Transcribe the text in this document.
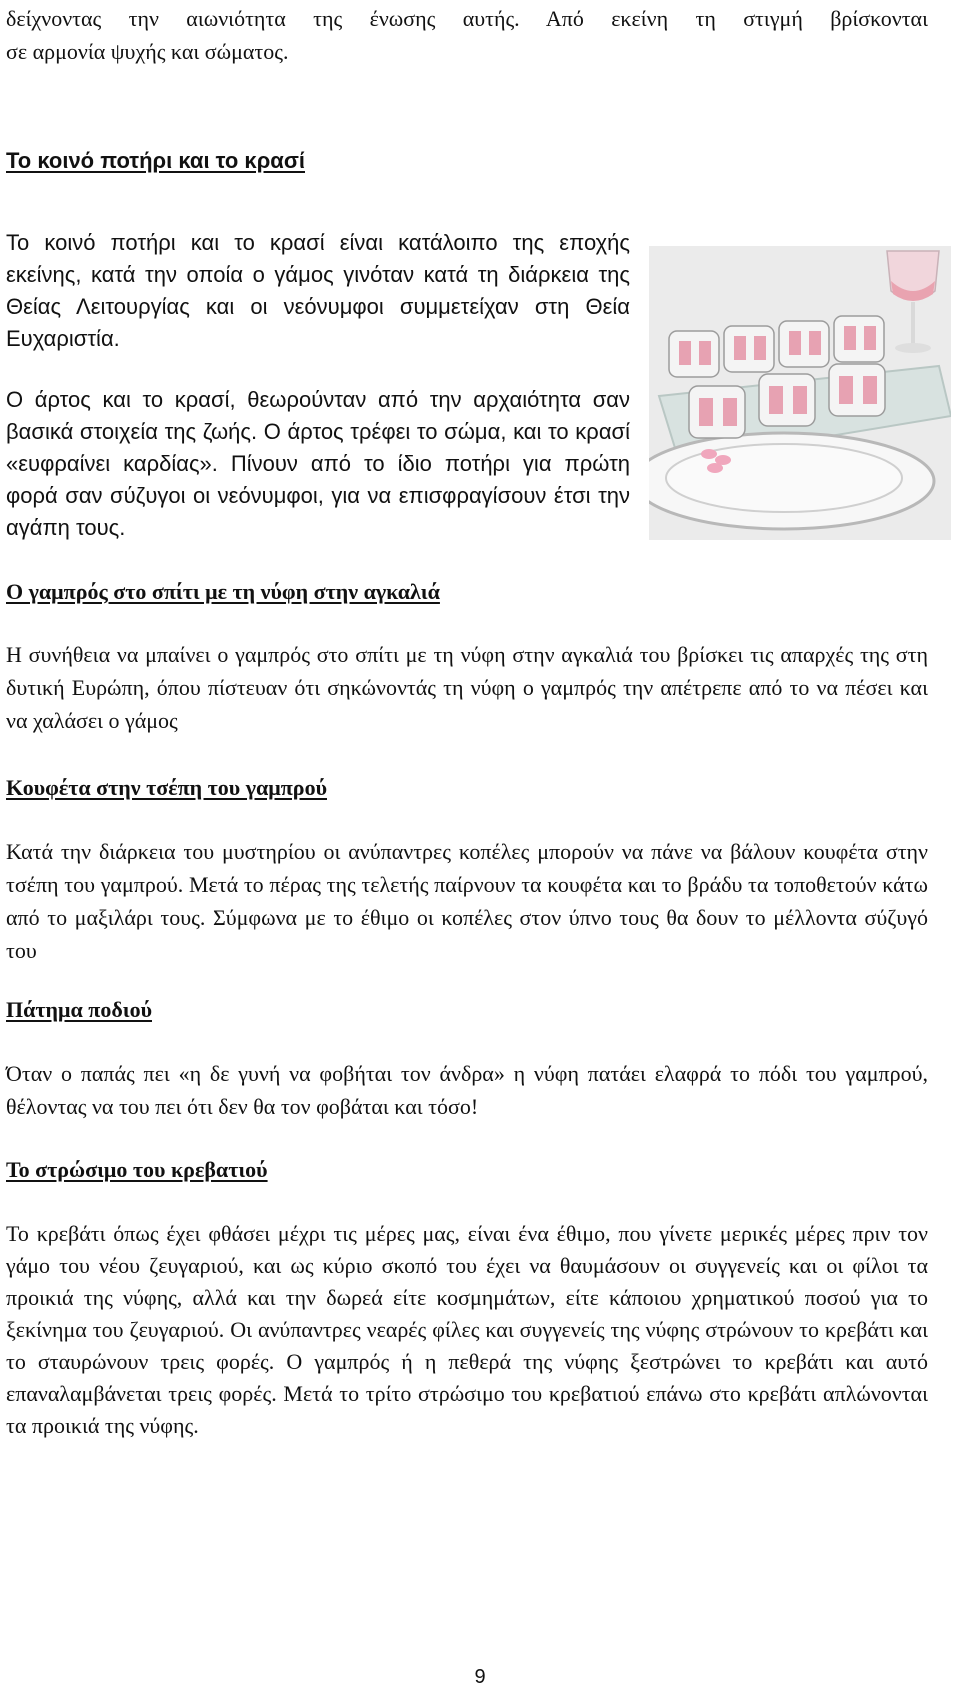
δείχνοντας την αιωνιότητα της ένωσης αυτής. Από εκείνη τη στιγμή βρίσκονται

σε αρμονία ψυχής και σώματος.

Το κοινό ποτήρι και το κρασί

Το κοινό ποτήρι και το κρασί είναι κατάλοιπο της εποχής εκείνης, κατά την οποία ο γάμος γινόταν κατά τη διάρκεια της Θείας Λειτουργίας και οι νεόνυμφοι συμμετείχαν στη Θεία Ευχαριστία.

Ο άρτος και το κρασί, θεωρούνταν από την αρχαιότητα σαν βασικά στοιχεία της ζωής. Ο άρτος τρέφει το σώμα, και το κρασί «ευφραίνει καρδίας». Πίνουν από το ίδιο ποτήρι για πρώτη φορά σαν σύζυγοι οι νεόνυμφοι, για να επισφραγίσουν έτσι την αγάπη τους.

Ο γαμπρός στο σπίτι με τη νύφη στην αγκαλιά

Η συνήθεια να μπαίνει ο γαμπρός στο σπίτι με τη νύφη στην αγκαλιά του βρίσκει τις απαρχές της στη δυτική Ευρώπη, όπου πίστευαν ότι σηκώνοντάς τη νύφη ο γαμπρός την απέτρεπε από το να πέσει και να χαλάσει ο γάμος

Κουφέτα στην τσέπη του γαμπρού

Κατά την διάρκεια του μυστηρίου οι ανύπαντρες κοπέλες μπορούν να πάνε να βάλουν κουφέτα στην τσέπη του γαμπρού. Μετά το πέρας της τελετής παίρνουν τα κουφέτα και το βράδυ τα τοποθετούν κάτω από το μαξιλάρι τους. Σύμφωνα με το έθιμο οι κοπέλες στον ύπνο τους θα δουν το μέλλοντα σύζυγό του

Πάτημα ποδιού

Όταν ο παπάς πει «η δε γυνή να φοβήται τον άνδρα» η νύφη πατάει ελαφρά το πόδι του γαμπρού, θέλοντας να του πει ότι δεν θα τον φοβάται και τόσο!

Το στρώσιμο του κρεβατιού

Το κρεβάτι όπως έχει φθάσει μέχρι τις μέρες μας, είναι ένα έθιμο, που γίνετε μερικές μέρες πριν τον γάμο του νέου ζευγαριού, και ως κύριο σκοπό του έχει να θαυμάσουν οι συγγενείς και οι φίλοι τα προικιά της νύφης, αλλά και την δωρεά είτε κοσμημάτων, είτε κάποιου χρηματικού ποσού για το ξεκίνημα του ζευγαριού. Οι ανύπαντρες νεαρές φίλες και συγγενείς της νύφης στρώνουν το κρεβάτι και το σταυρώνουν τρεις φορές. Ο γαμπρός ή η πεθερά της νύφης ξεστρώνει το κρεβάτι και αυτό επαναλαμβάνεται τρεις φορές. Μετά το τρίτο στρώσιμο του κρεβατιού επάνω στο κρεβάτι απλώνονται τα προικιά της νύφης.

9
